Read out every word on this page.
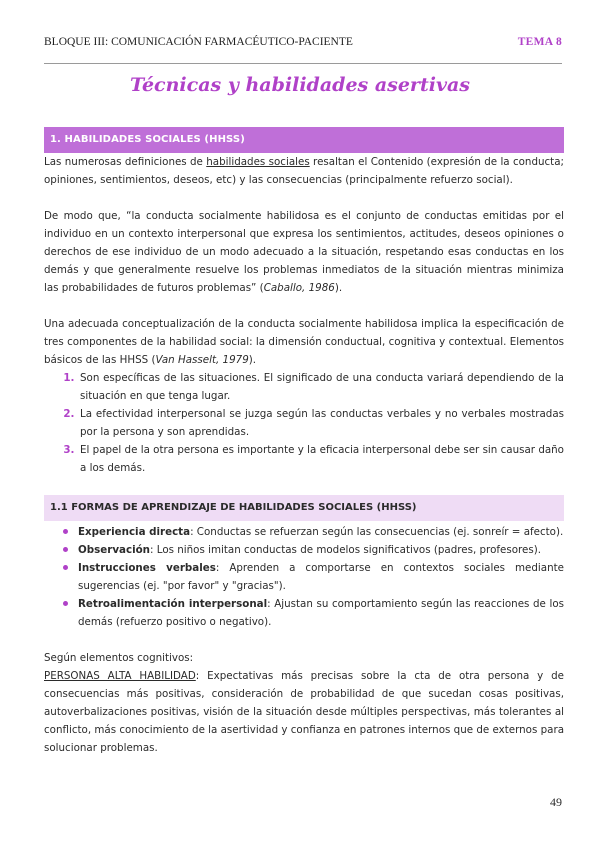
BLOQUE III: COMUNICACIÓN FARMACÉUTICO-PACIENTE	TEMA 8
Técnicas y habilidades asertivas
1. HABILIDADES SOCIALES (HHSS)

Las numerosas definiciones de habilidades sociales resaltan el Contenido (expresión de la conducta; opiniones, sentimientos, deseos, etc) y las consecuencias (principalmente refuerzo social).

De modo que, “la conducta socialmente habilidosa es el conjunto de conductas emitidas por el individuo en un contexto interpersonal que expresa los sentimientos, actitudes, deseos opiniones o derechos de ese individuo de un modo adecuado a la situación, respetando esas conductas en los demás y que generalmente resuelve los problemas inmediatos de la situación mientras minimiza las probabilidades de futuros problemas” (Caballo, 1986).

Una adecuada conceptualización de la conducta socialmente habilidosa implica la especificación de tres componentes de la habilidad social: la dimensión conductual, cognitiva y contextual. Elementos básicos de las HHSS (Van Hasselt, 1979).

1. Son específicas de las situaciones. El significado de una conducta variará dependiendo de la situación en que tenga lugar.
2. La efectividad interpersonal se juzga según las conductas verbales y no verbales mostradas por la persona y son aprendidas.
3. El papel de la otra persona es importante y la eficacia interpersonal debe ser sin causar daño a los demás.
1.1 FORMAS DE APRENDIZAJE DE HABILIDADES SOCIALES (HHSS)
Experiencia directa: Conductas se refuerzan según las consecuencias (ej. sonreír = afecto).
Observación: Los niños imitan conductas de modelos significativos (padres, profesores).
Instrucciones verbales: Aprenden a comportarse en contextos sociales mediante sugerencias (ej. "por favor" y "gracias").
Retroalimentación interpersonal: Ajustan su comportamiento según las reacciones de los demás (refuerzo positivo o negativo).

Según elementos cognitivos:

PERSONAS ALTA HABILIDAD: Expectativas más precisas sobre la cta de otra persona y de consecuencias más positivas, consideración de probabilidad de que sucedan cosas positivas, autoverbalizaciones positivas, visión de la situación desde múltiples perspectivas, más tolerantes al conflicto, más conocimiento de la asertividad y confianza en patrones internos que de externos para solucionar problemas.

49
